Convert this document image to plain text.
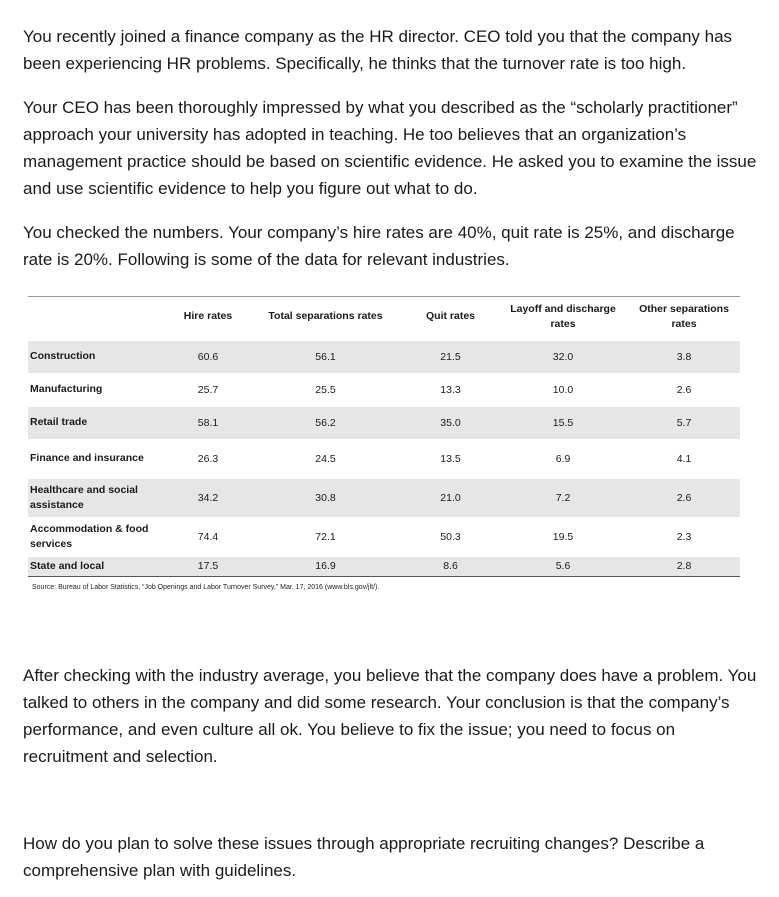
You recently joined a finance company as the HR director. CEO told you that the company has been experiencing HR problems. Specifically, he thinks that the turnover rate is too high.

Your CEO has been thoroughly impressed by what you described as the “scholarly practitioner” approach your university has adopted in teaching. He too believes that an organization’s management practice should be based on scientific evidence. He asked you to examine the issue and use scientific evidence to help you figure out what to do.

You checked the numbers. Your company’s hire rates are 40%, quit rate is 25%, and discharge rate is 20%. Following is some of the data for relevant industries.

	Hire rates	Total separations rates	Quit rates	Layoff and discharge rates	Other separations rates

Construction	60.6	56.1	21.5	32.0	3.8
Manufacturing	25.7	25.5	13.3	10.0	2.6
Retail trade	58.1	56.2	35.0	15.5	5.7
Finance and insurance	26.3	24.5	13.5	6.9	4.1
Healthcare and social assistance	34.2	30.8	21.0	7.2	2.6
Accommodation & food services	74.4	72.1	50.3	19.5	2.3
State and local	17.5	16.9	8.6	5.6	2.8
Source: Bureau of Labor Statistics, “Job Openings and Labor Turnover Survey,” Mar. 17, 2016 (www.bls.gov/jlt/).

After checking with the industry average, you believe that the company does have a problem. You talked to others in the company and did some research. Your conclusion is that the company’s performance, and even culture all ok. You believe to fix the issue; you need to focus on recruitment and selection.

How do you plan to solve these issues through appropriate recruiting changes? Describe a comprehensive plan with guidelines.
